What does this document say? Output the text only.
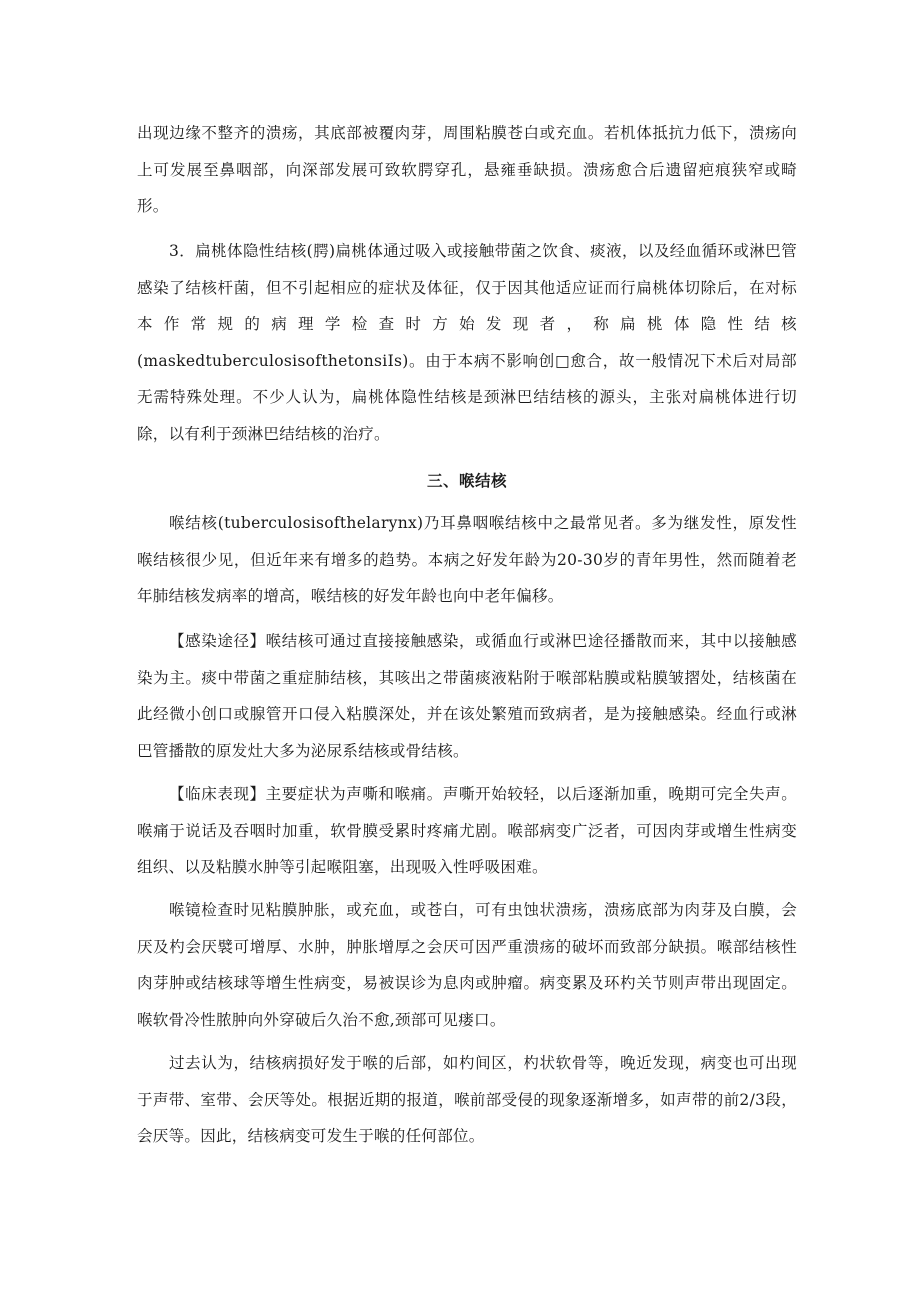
出现边缘不整齐的溃疡，其底部被覆肉芽，周围粘膜苍白或充血。若机体抵抗力低下，溃疡向上可发展至鼻咽部，向深部发展可致软腭穿孔，悬雍垂缺损。溃疡愈合后遗留疤痕狭窄或畸形。

3．扁桃体隐性结核(腭)扁桃体通过吸入或接触带菌之饮食、痰液，以及经血循环或淋巴管感染了结核杆菌，但不引起相应的症状及体征，仅于因其他适应证而行扁桃体切除后，在对标本作常规的病理学检查时方始发现者，称扁桃体隐性结核(maskedtuberculosisofthetonsiIs)。由于本病不影响创□愈合，故一般情况下术后对局部无需特殊处理。不少人认为，扁桃体隐性结核是颈淋巴结结核的源头，主张对扁桃体进行切除，以有利于颈淋巴结结核的治疗。

三、喉结核

喉结核(tuberculosisofthelarynx)乃耳鼻咽喉结核中之最常见者。多为继发性，原发性喉结核很少见，但近年来有增多的趋势。本病之好发年龄为20-30岁的青年男性，然而随着老年肺结核发病率的增高，喉结核的好发年龄也向中老年偏移。

【感染途径】喉结核可通过直接接触感染，或循血行或淋巴途径播散而来，其中以接触感染为主。痰中带菌之重症肺结核，其咳出之带菌痰液粘附于喉部粘膜或粘膜皱摺处，结核菌在此经微小创口或腺管开口侵入粘膜深处，并在该处繁殖而致病者，是为接触感染。经血行或淋巴管播散的原发灶大多为泌尿系结核或骨结核。

【临床表现】主要症状为声嘶和喉痛。声嘶开始较轻，以后逐渐加重，晚期可完全失声。喉痛于说话及吞咽时加重，软骨膜受累时疼痛尤剧。喉部病变广泛者，可因肉芽或增生性病变组织、以及粘膜水肿等引起喉阻塞，出现吸入性呼吸困难。

喉镜检查时见粘膜肿胀，或充血，或苍白，可有虫蚀状溃疡，溃疡底部为肉芽及白膜，会厌及杓会厌襞可增厚、水肿，肿胀增厚之会厌可因严重溃疡的破坏而致部分缺损。喉部结核性肉芽肿或结核球等增生性病变，易被误诊为息肉或肿瘤。病变累及环杓关节则声带出现固定。喉软骨冷性脓肿向外穿破后久治不愈,颈部可见瘘口。

过去认为，结核病损好发于喉的后部，如杓间区，杓状软骨等，晚近发现，病变也可出现于声带、室带、会厌等处。根据近期的报道，喉前部受侵的现象逐渐增多，如声带的前2/3段，会厌等。因此，结核病变可发生于喉的任何部位。
